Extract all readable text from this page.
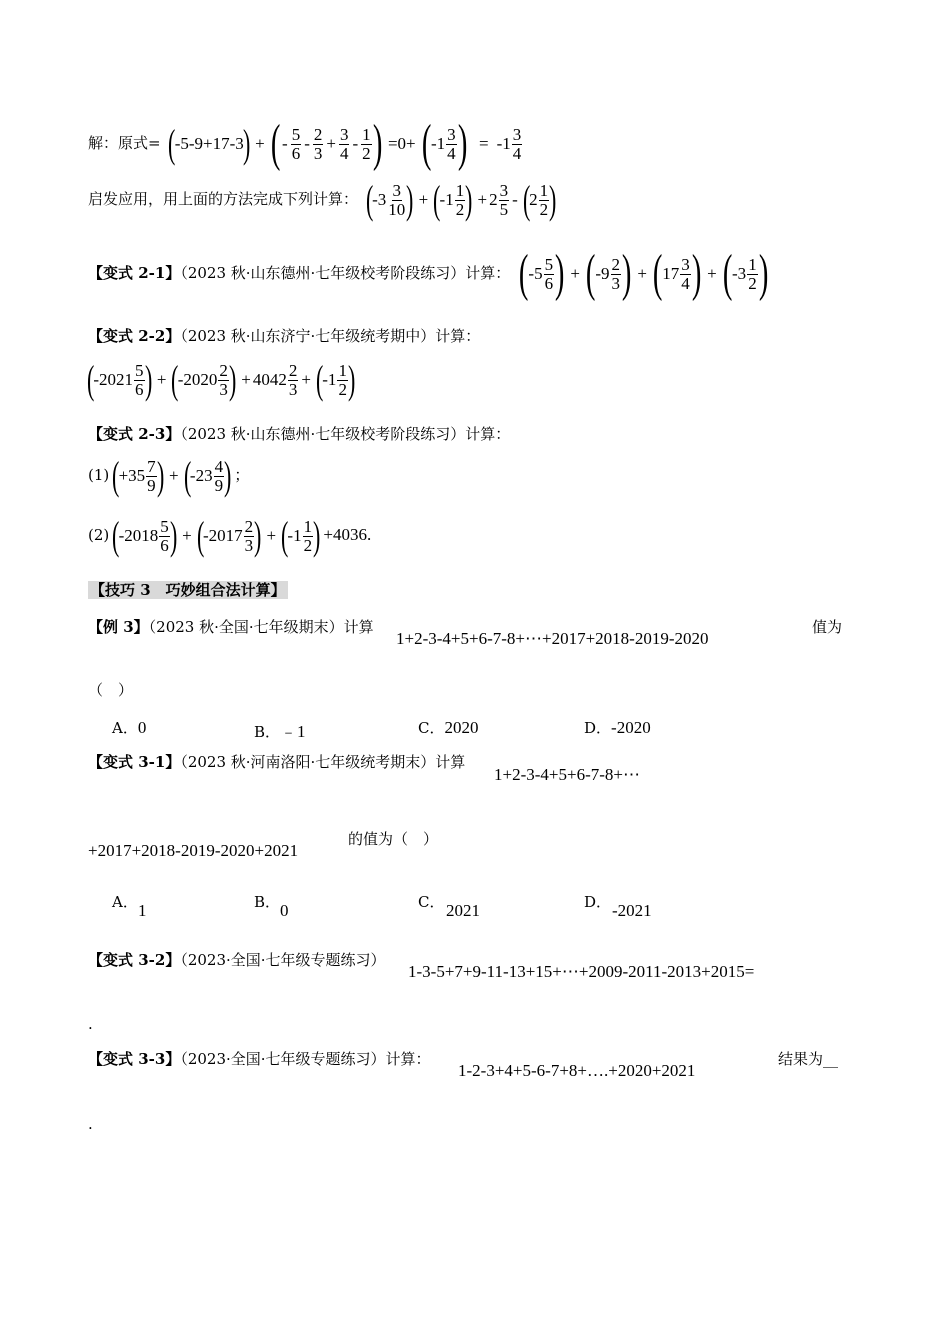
解：原式= ( -5-9+17-3
) + ( - $\frac{5}{6} - \frac{2}{3} + \frac{3}{4} - \frac{1}{2}$
) =0+ ( $-1 \frac{3}{4}$
) = $-1 \frac{3}{4}$
启发应用，用上面的方法完成下列计算： ( $-3 \frac{3}{10}$
) + ( $-1 \frac{1}{2}$
) + $2 \frac{3}{5}$ - ( $2 \frac{1}{2}$
)
【变式 2-1】（2023 秋·山东德州·七年级校考阶段练习）计算： ( $-5 \frac{5}{6}$
) + ( $-9 \frac{2}{3}$
) + ( $17 \frac{3}{4}$
) + ( $-3 \frac{1}{2}$
)
【变式 2-2】（2023 秋·山东济宁·七年级统考期中）计算：
( $-2021 \frac{5}{6}$
) + ( $-2020 \frac{2}{3}$
) + $4042 \frac{2}{3}$ + ( $-1 \frac{1}{2}$
)
【变式 2-3】（2023 秋·山东德州·七年级校考阶段练习）计算：
(1) ( $+35 \frac{7}{9}$
) + ( $-23 \frac{4}{9}$
) ；
(2) ( $-2018 \frac{5}{6}$
) + ( $-2017 \frac{2}{3}$
) + ( $-1 \frac{1}{2}$
) +4036.
【技巧 3　巧妙组合法计算】
【例 3】（2023 秋·全国·七年级期末）计算
1+2-3-4+5+6-7-8+⋯+2017+2018-2019-2020
值为
（　）
A．0	B．﹣1	C．2020	D．-2020
【变式 3-1】（2023 秋·河南洛阳·七年级统考期末）计算
1+2-3-4+5+6-7-8+⋯
+2017+2018-2019-2020+2021
的值为（　）
A． 1	B． 0	C． 2021	D． -2021
【变式 3-2】（2023·全国·七年级专题练习）
1-3-5+7+9-11-13+15+⋯+2009-2011-2013+2015=
.
【变式 3-3】（2023·全国·七年级专题练习）计算：
1-2-3+4+5-6-7+8+….+2020+2021
结果为__
.
